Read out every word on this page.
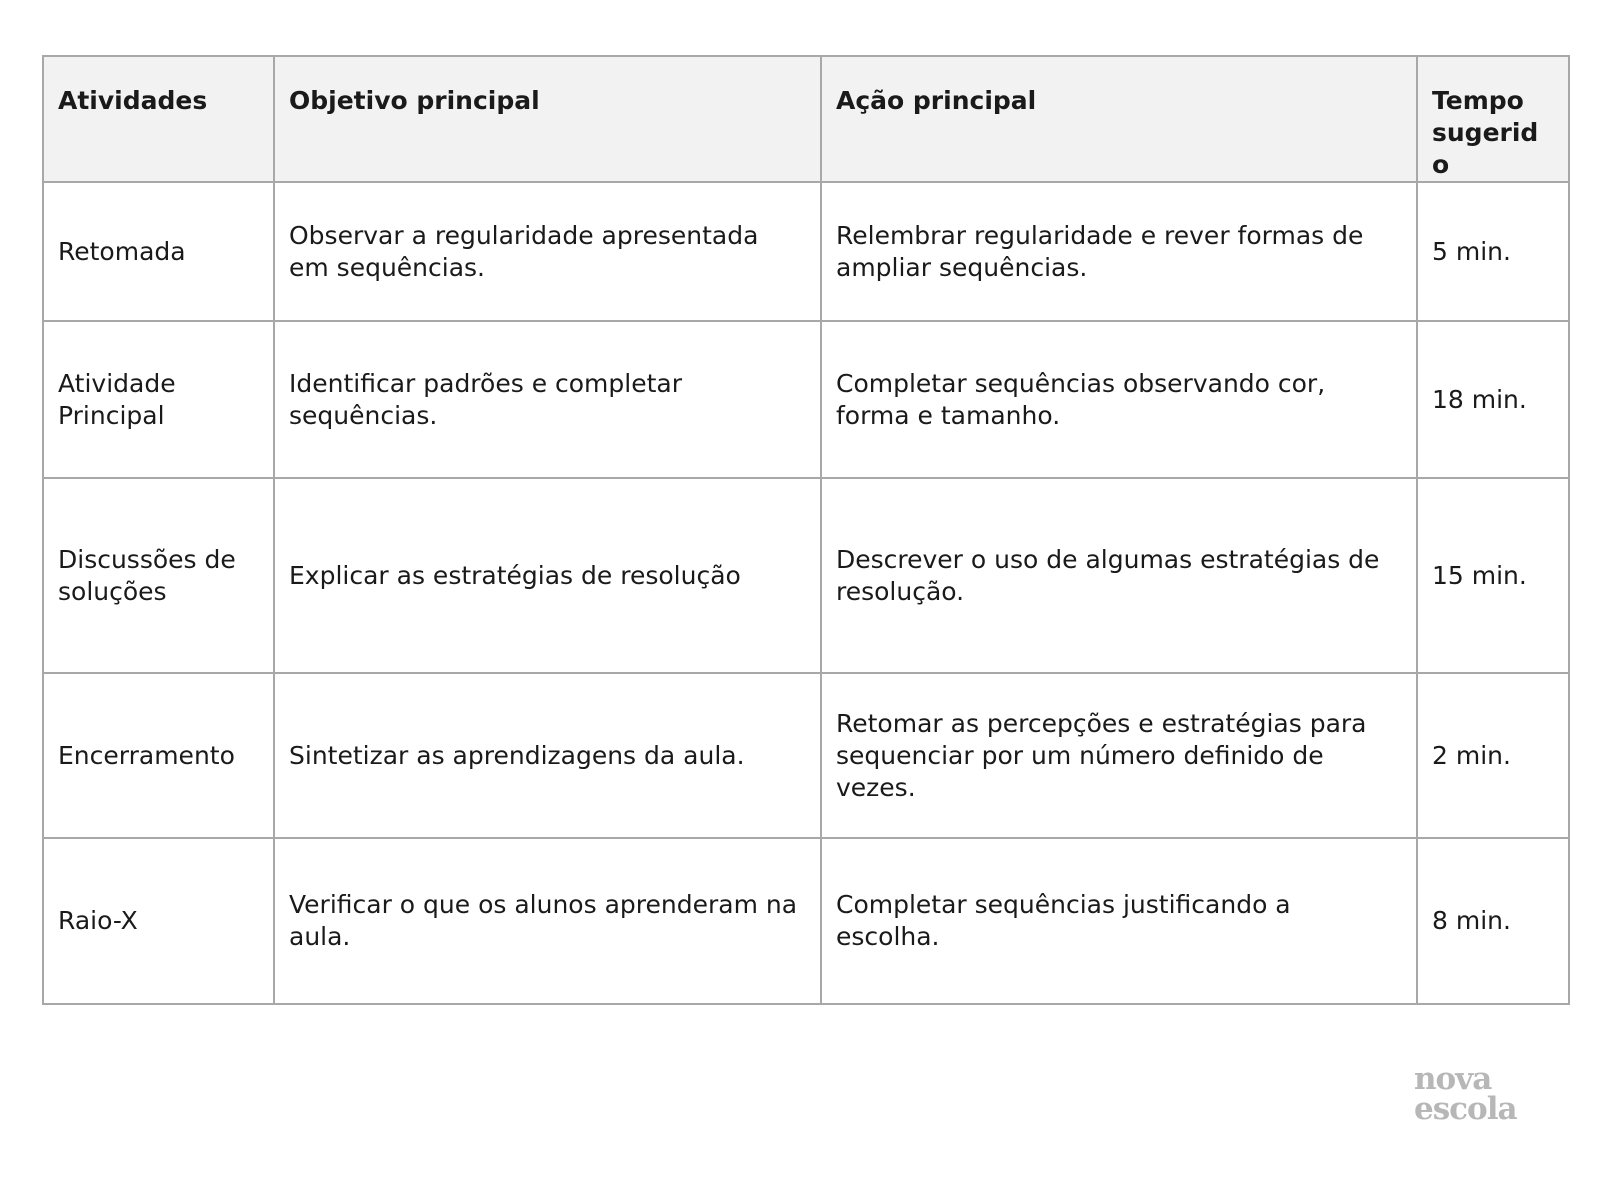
Atividades	Objetivo principal	Ação principal	Tempo sugerido
Retomada	Observar a regularidade apresentada em sequências.	Relembrar regularidade e rever formas de ampliar sequências.	5 min.
Atividade Principal	Identificar padrões e completar sequências.	Completar sequências observando cor, forma e tamanho.	18 min.
Discussões de soluções	Explicar as estratégias de resolução	Descrever o uso de algumas estratégias de resolução.	15 min.
Encerramento	Sintetizar as aprendizagens da aula.	Retomar as percepções e estratégias para sequenciar por um número definido de vezes.	2 min.
Raio-X	Verificar o que os alunos aprenderam na aula.	Completar sequências justificando a escolha.	8 min.
nova
escola
